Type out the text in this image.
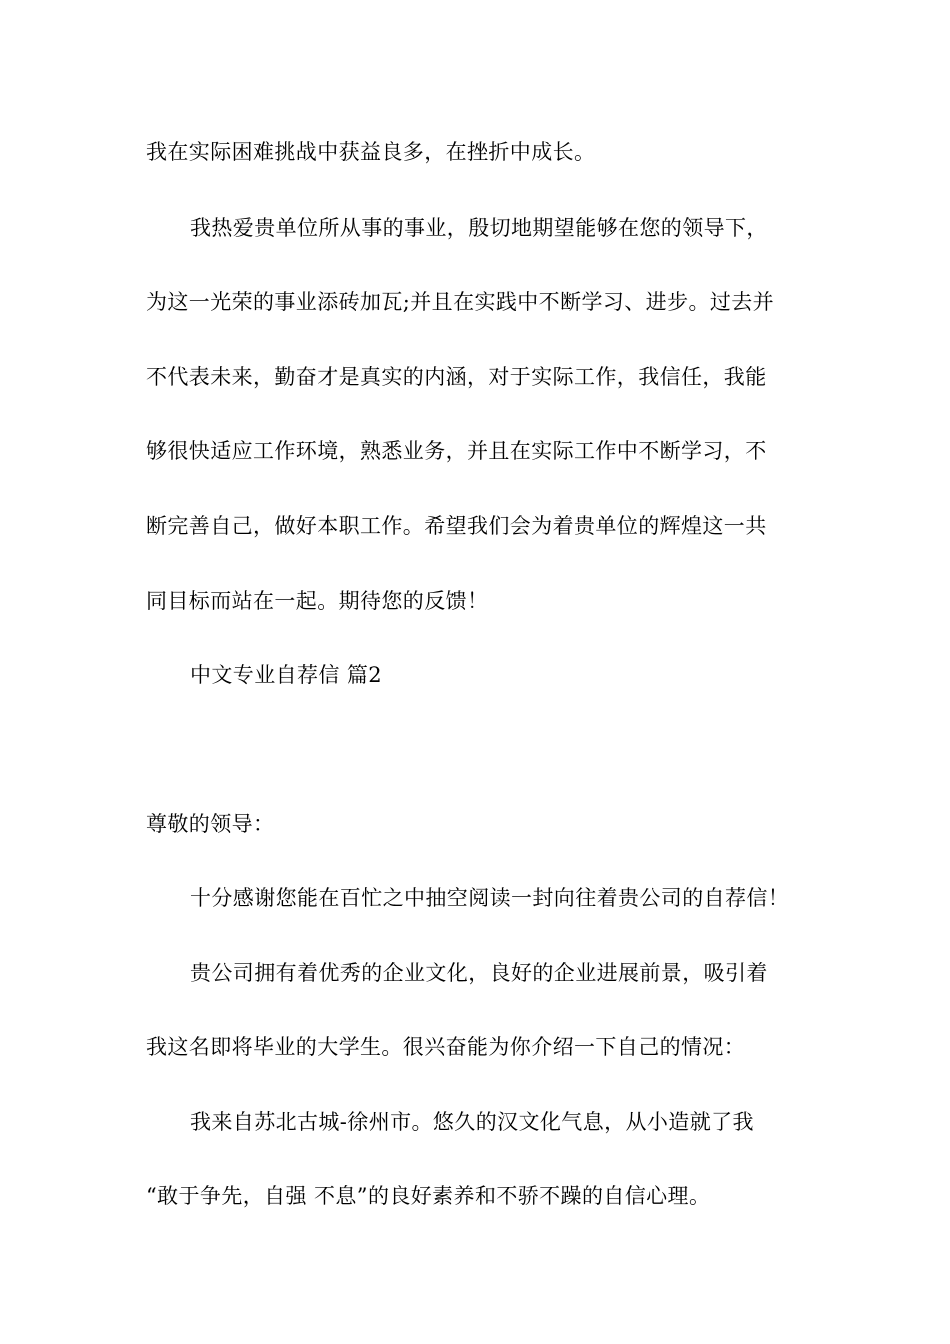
我在实际困难挑战中获益良多，在挫折中成长。
我热爱贵单位所从事的事业，殷切地期望能够在您的领导下，
为这一光荣的事业添砖加瓦;并且在实践中不断学习、进步。过去并
不代表未来，勤奋才是真实的内涵，对于实际工作，我信任，我能
够很快适应工作环境，熟悉业务，并且在实际工作中不断学习，不
断完善自己，做好本职工作。希望我们会为着贵单位的辉煌这一共
同目标而站在一起。期待您的反馈！
中文专业自荐信 篇2
尊敬的领导：
十分感谢您能在百忙之中抽空阅读一封向往着贵公司的自荐信！
贵公司拥有着优秀的企业文化，良好的企业进展前景，吸引着
我这名即将毕业的大学生。很兴奋能为你介绍一下自己的情况：
我来自苏北古城-徐州市。悠久的汉文化气息，从小造就了我
“敢于争先，自强 不息”的良好素养和不骄不躁的自信心理。
